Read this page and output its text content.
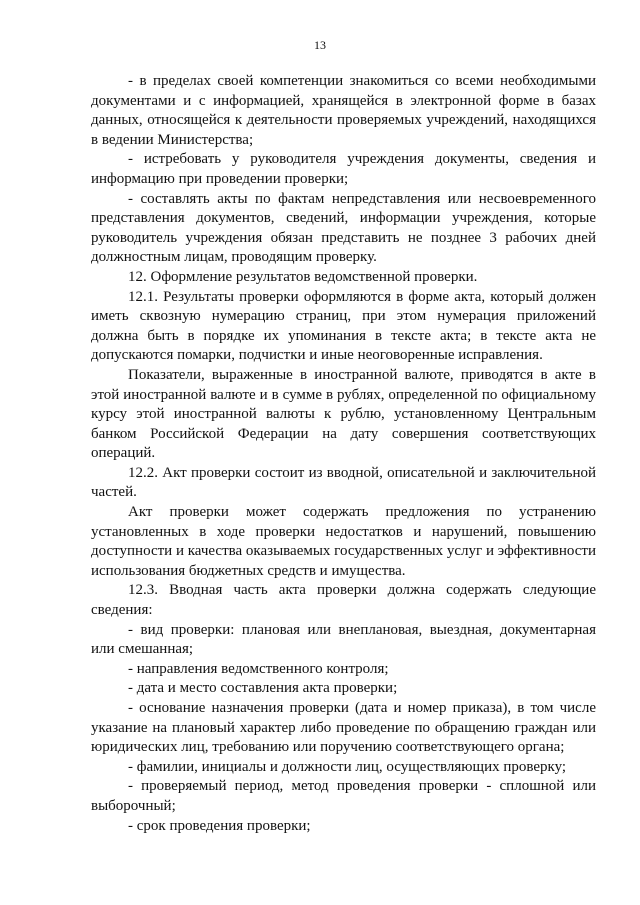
13

- в пределах своей компетенции знакомиться со всеми необходимыми документами и с информацией, хранящейся в электронной форме в базах данных, относящейся к деятельности проверяемых учреждений, находящихся в ведении Министерства;

- истребовать у руководителя учреждения документы, сведения и информацию при проведении проверки;

- составлять акты по фактам непредставления или несвоевременного представления документов, сведений, информации учреждения, которые руководитель учреждения обязан представить не позднее 3 рабочих дней должностным лицам, проводящим проверку.

12. Оформление результатов ведомственной проверки.

12.1. Результаты проверки оформляются в форме акта, который должен иметь сквозную нумерацию страниц, при этом нумерация приложений должна быть в порядке их упоминания в тексте акта; в тексте акта не допускаются помарки, подчистки и иные неоговоренные исправления.

Показатели, выраженные в иностранной валюте, приводятся в акте в этой иностранной валюте и в сумме в рублях, определенной по официальному курсу этой иностранной валюты к рублю, установленному Центральным банком Российской Федерации на дату совершения соответствующих операций.

12.2. Акт проверки состоит из вводной, описательной и заключительной частей.

Акт проверки может содержать предложения по устранению установленных в ходе проверки недостатков и нарушений, повышению доступности и качества оказываемых государственных услуг и эффективности использования бюджетных средств и имущества.

12.3. Вводная часть акта проверки должна содержать следующие сведения:

- вид проверки: плановая или внеплановая, выездная, документарная или смешанная;

- направления ведомственного контроля;

- дата и место составления акта проверки;

- основание назначения проверки (дата и номер приказа), в том числе указание на плановый характер либо проведение по обращению граждан или юридических лиц, требованию или поручению соответствующего органа;

- фамилии, инициалы и должности лиц, осуществляющих проверку;

- проверяемый период, метод проведения проверки - сплошной или выборочный;

- срок проведения проверки;
